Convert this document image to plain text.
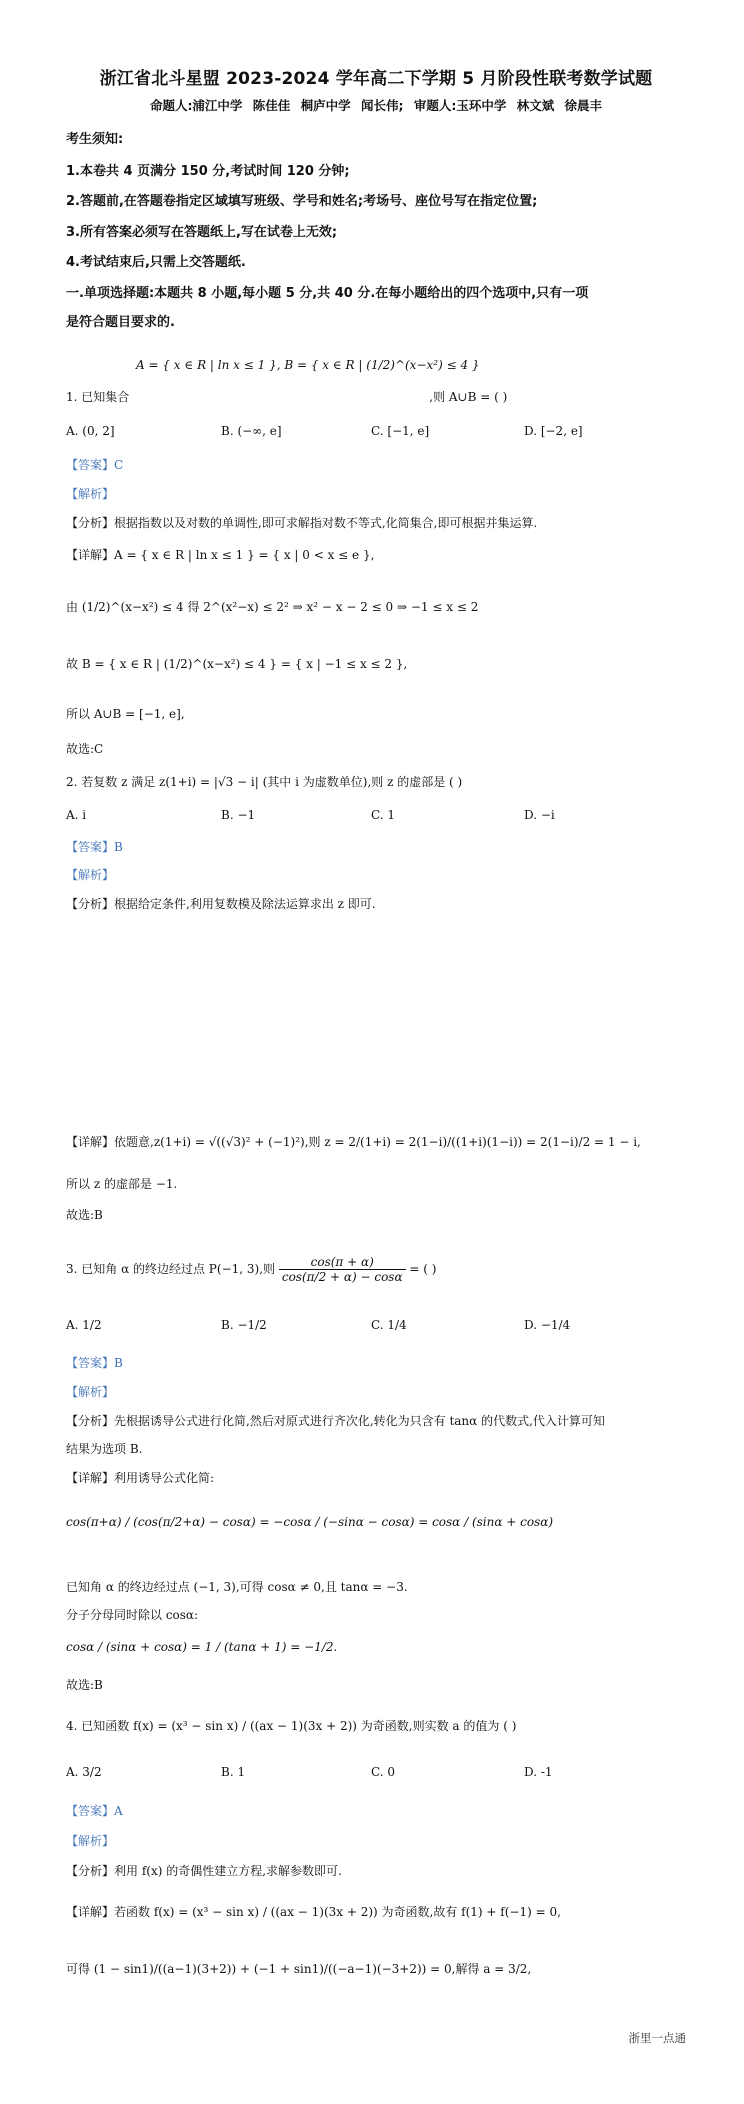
浙江省北斗星盟 2023-2024 学年高二下学期 5 月阶段性联考数学试题
命题人:浦江中学 陈佳佳 桐庐中学 闻长伟; 审题人:玉环中学 林文斌 徐晨丰
考生须知:
1.本卷共 4 页满分 150 分,考试时间 120 分钟;
2.答题前,在答题卷指定区域填写班级、学号和姓名;考场号、座位号写在指定位置;
3.所有答案必须写在答题纸上,写在试卷上无效;
4.考试结束后,只需上交答题纸.
一.单项选择题:本题共 8 小题,每小题 5 分,共 40 分.在每小题给出的四个选项中,只有一项
是符合题目要求的.
A = { x ∈ R | ln x ≤ 1 }, B = { x ∈ R | (1/2)^(x−x²) ≤ 4 }
1. 已知集合	,则 A∪B = ( )
A. (0, 2]	B. (−∞, e]	C. [−1, e]	D. [−2, e]
【答案】C
【解析】
【分析】根据指数以及对数的单调性,即可求解指对数不等式,化简集合,即可根据并集运算.
【详解】A = { x ∈ R | ln x ≤ 1 } = { x | 0 < x ≤ e },
由 (1/2)^(x−x²) ≤ 4 得 2^(x²−x) ≤ 2² ⇒ x² − x − 2 ≤ 0 ⇒ −1 ≤ x ≤ 2
故 B = { x ∈ R | (1/2)^(x−x²) ≤ 4 } = { x | −1 ≤ x ≤ 2 },
所以 A∪B = [−1, e],
故选:C
2. 若复数 z 满足 z(1+i) = |√3 − i| (其中 i 为虚数单位),则 z 的虚部是 ( )
A. i	B. −1	C. 1	D. −i
【答案】B
【解析】
【分析】根据给定条件,利用复数模及除法运算求出 z 即可.
【详解】依题意,z(1+i) = √((√3)² + (−1)²),则 z = 2/(1+i) = 2(1−i)/((1+i)(1−i)) = 2(1−i)/2 = 1 − i,
所以 z 的虚部是 −1.
故选:B
3. 已知角 α 的终边经过点 P(−1, 3),则 $\frac{\cos(\pi + \alpha)}{\cos(\pi/2 + \alpha) - \cos\alpha}$ = ( )
A. 1/2	B. −1/2	C. 1/4	D. −1/4
【答案】B
【解析】
【分析】先根据诱导公式进行化简,然后对原式进行齐次化,转化为只含有 tanα 的代数式,代入计算可知
结果为选项 B.
【详解】利用诱导公式化简:
cos(π+α) / (cos(π/2+α) − cosα) = −cosα / (−sinα − cosα) = cosα / (sinα + cosα)
已知角 α 的终边经过点 (−1, 3),可得 cosα ≠ 0,且 tanα = −3.
分子分母同时除以 cosα:
cosα / (sinα + cosα) = 1 / (tanα + 1) = −1/2.
故选:B
4. 已知函数 f(x) = (x³ − sin x) / ((ax − 1)(3x + 2)) 为奇函数,则实数 a 的值为 ( )
A. 3/2	B. 1	C. 0	D. -1
【答案】A
【解析】
【分析】利用 f(x) 的奇偶性建立方程,求解参数即可.
【详解】若函数 f(x) = (x³ − sin x) / ((ax − 1)(3x + 2)) 为奇函数,故有 f(1) + f(−1) = 0,
可得 (1 − sin1)/((a−1)(3+2)) + (−1 + sin1)/((−a−1)(−3+2)) = 0,解得 a = 3/2,
浙里一点通
